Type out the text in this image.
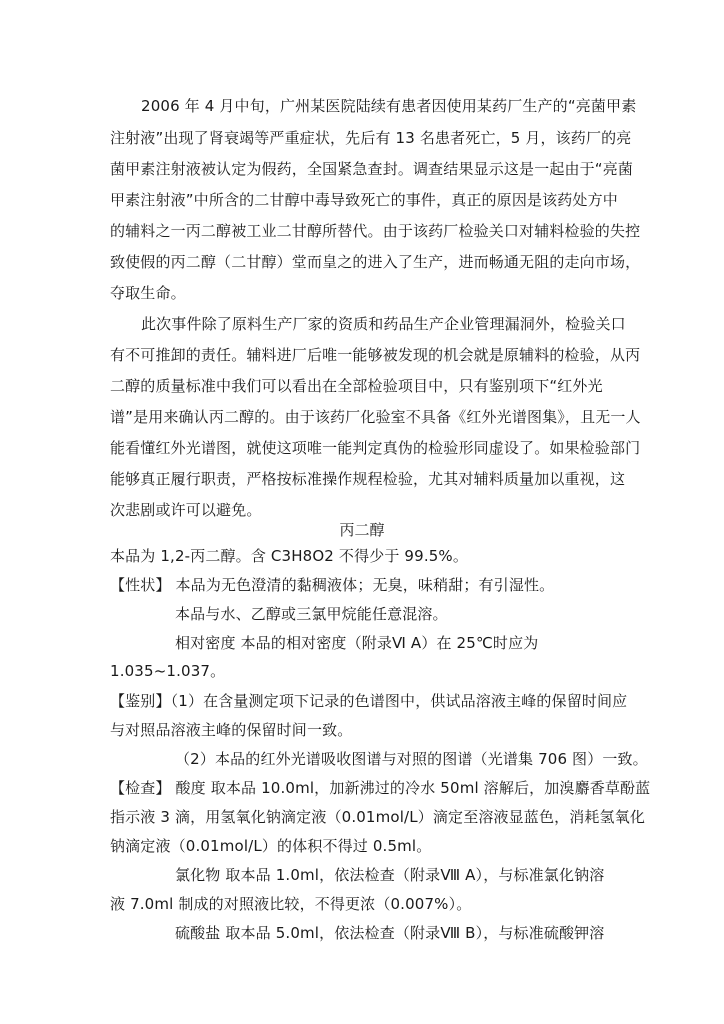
2006 年 4 月中旬，广州某医院陆续有患者因使用某药厂生产的“亮菌甲素
注射液”出现了肾衰竭等严重症状，先后有 13 名患者死亡，5 月，该药厂的亮
菌甲素注射液被认定为假药，全国紧急查封。调查结果显示这是一起由于“亮菌
甲素注射液”中所含的二甘醇中毒导致死亡的事件，真正的原因是该药处方中
的辅料之一丙二醇被工业二甘醇所替代。由于该药厂检验关口对辅料检验的失控
致使假的丙二醇（二甘醇）堂而皇之的进入了生产，进而畅通无阻的走向市场，
夺取生命。
此次事件除了原料生产厂家的资质和药品生产企业管理漏洞外，检验关口
有不可推卸的责任。辅料进厂后唯一能够被发现的机会就是原辅料的检验，从丙
二醇的质量标准中我们可以看出在全部检验项目中，只有鉴别项下“红外光
谱”是用来确认丙二醇的。由于该药厂化验室不具备《红外光谱图集》，且无一人
能看懂红外光谱图，就使这项唯一能判定真伪的检验形同虚设了。如果检验部门
能够真正履行职责，严格按标准操作规程检验，尤其对辅料质量加以重视，这
次悲剧或许可以避免。
丙二醇
本品为 1,2-丙二醇。含 C3H8O2 不得少于 99.5%。
【性状】 本品为无色澄清的黏稠液体；无臭，味稍甜；有引湿性。
本品与水、乙醇或三氯甲烷能任意混溶。
相对密度 本品的相对密度（附录Ⅵ A）在 25℃时应为
1.035~1.037。
【鉴别】（1）在含量测定项下记录的色谱图中，供试品溶液主峰的保留时间应
与对照品溶液主峰的保留时间一致。
（2）本品的红外光谱吸收图谱与对照的图谱（光谱集 706 图）一致。
【检查】 酸度 取本品 10.0ml，加新沸过的冷水 50ml 溶解后，加溴麝香草酚蓝
指示液 3 滴，用氢氧化钠滴定液（0.01mol/L）滴定至溶液显蓝色，消耗氢氧化
钠滴定液（0.01mol/L）的体积不得过 0.5ml。
氯化物 取本品 1.0ml，依法检查（附录Ⅷ A），与标准氯化钠溶
液 7.0ml 制成的对照液比较，不得更浓（0.007%）。
硫酸盐 取本品 5.0ml，依法检查（附录Ⅷ B），与标准硫酸钾溶
